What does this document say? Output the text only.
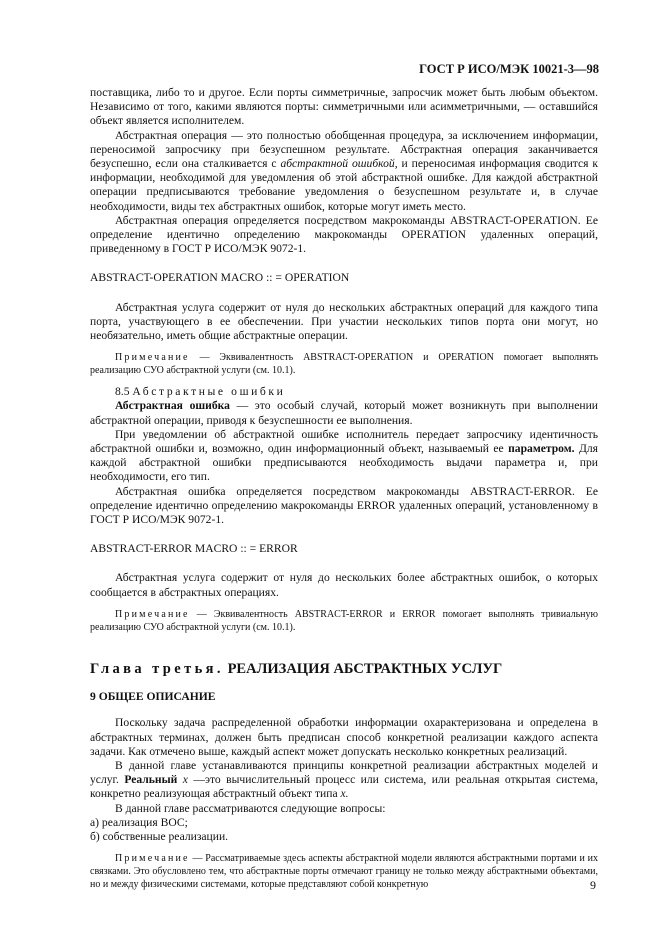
ГОСТ Р ИСО/МЭК 10021-3—98

поставщика, либо то и другое. Если порты симметричные, запросчик может быть любым объектом. Независимо от того, какими являются порты: симметричными или асимметричными, — оставшийся объект является исполнителем.

Абстрактная операция — это полностью обобщенная процедура, за исключением информации, переносимой запросчику при безуспешном результате. Абстрактная операция заканчивается безуспешно, если она сталкивается с абстрактной ошибкой, и переносимая информация сводится к информации, необходимой для уведомления об этой абстрактной ошибке. Для каждой абстрактной операции предписываются требование уведомления о безуспешном результате и, в случае необходимости, виды тех абстрактных ошибок, которые могут иметь место.

Абстрактная операция определяется посредством макрокоманды ABSTRACT-OPERATION. Ее определение идентично определению макрокоманды OPERATION удаленных операций, приведенному в ГОСТ Р ИСО/МЭК 9072-1.

ABSTRACT-OPERATION MACRO :: = OPERATION

Абстрактная услуга содержит от нуля до нескольких абстрактных операций для каждого типа порта, участвующего в ее обеспечении. При участии нескольких типов порта они могут, но необязательно, иметь общие абстрактные операции.

Примечание — Эквивалентность ABSTRACT-OPERATION и OPERATION помогает выполнять реализацию СУО абстрактной услуги (см. 10.1).

8.5 Абстрактные ошибки

Абстрактная ошибка — это особый случай, который может возникнуть при выполнении абстрактной операции, приводя к безуспешности ее выполнения.

При уведомлении об абстрактной ошибке исполнитель передает запросчику идентичность абстрактной ошибки и, возможно, один информационный объект, называемый ее параметром. Для каждой абстрактной ошибки предписываются необходимость выдачи параметра и, при необходимости, его тип.

Абстрактная ошибка определяется посредством макрокоманды ABSTRACT-ERROR. Ее определение идентично определению макрокоманды ERROR удаленных операций, установленному в ГОСТ Р ИСО/МЭК 9072-1.

ABSTRACT-ERROR MACRO :: = ERROR

Абстрактная услуга содержит от нуля до нескольких более абстрактных ошибок, о которых сообщается в абстрактных операциях.

Примечание — Эквивалентность ABSTRACT-ERROR и ERROR помогает выполнять тривиальную реализацию СУО абстрактной услуги (см. 10.1).

Глава третья. РЕАЛИЗАЦИЯ АБСТРАКТНЫХ УСЛУГ

9 ОБЩЕЕ ОПИСАНИЕ

Поскольку задача распределенной обработки информации охарактеризована и определена в абстрактных терминах, должен быть предписан способ конкретной реализации каждого аспекта задачи. Как отмечено выше, каждый аспект может допускать несколько конкретных реализаций.

В данной главе устанавливаются принципы конкретной реализации абстрактных моделей и услуг. Реальный x —это вычислительный процесс или система, или реальная открытая система, конкретно реализующая абстрактный объект типа x.

В данной главе рассматриваются следующие вопросы:

а) реализация ВОС;

б) собственные реализации.

Примечание — Рассматриваемые здесь аспекты абстрактной модели являются абстрактными портами и их связками. Это обусловлено тем, что абстрактные порты отмечают границу не только между абстрактными объектами, но и между физическими системами, которые представляют собой конкретную	9
